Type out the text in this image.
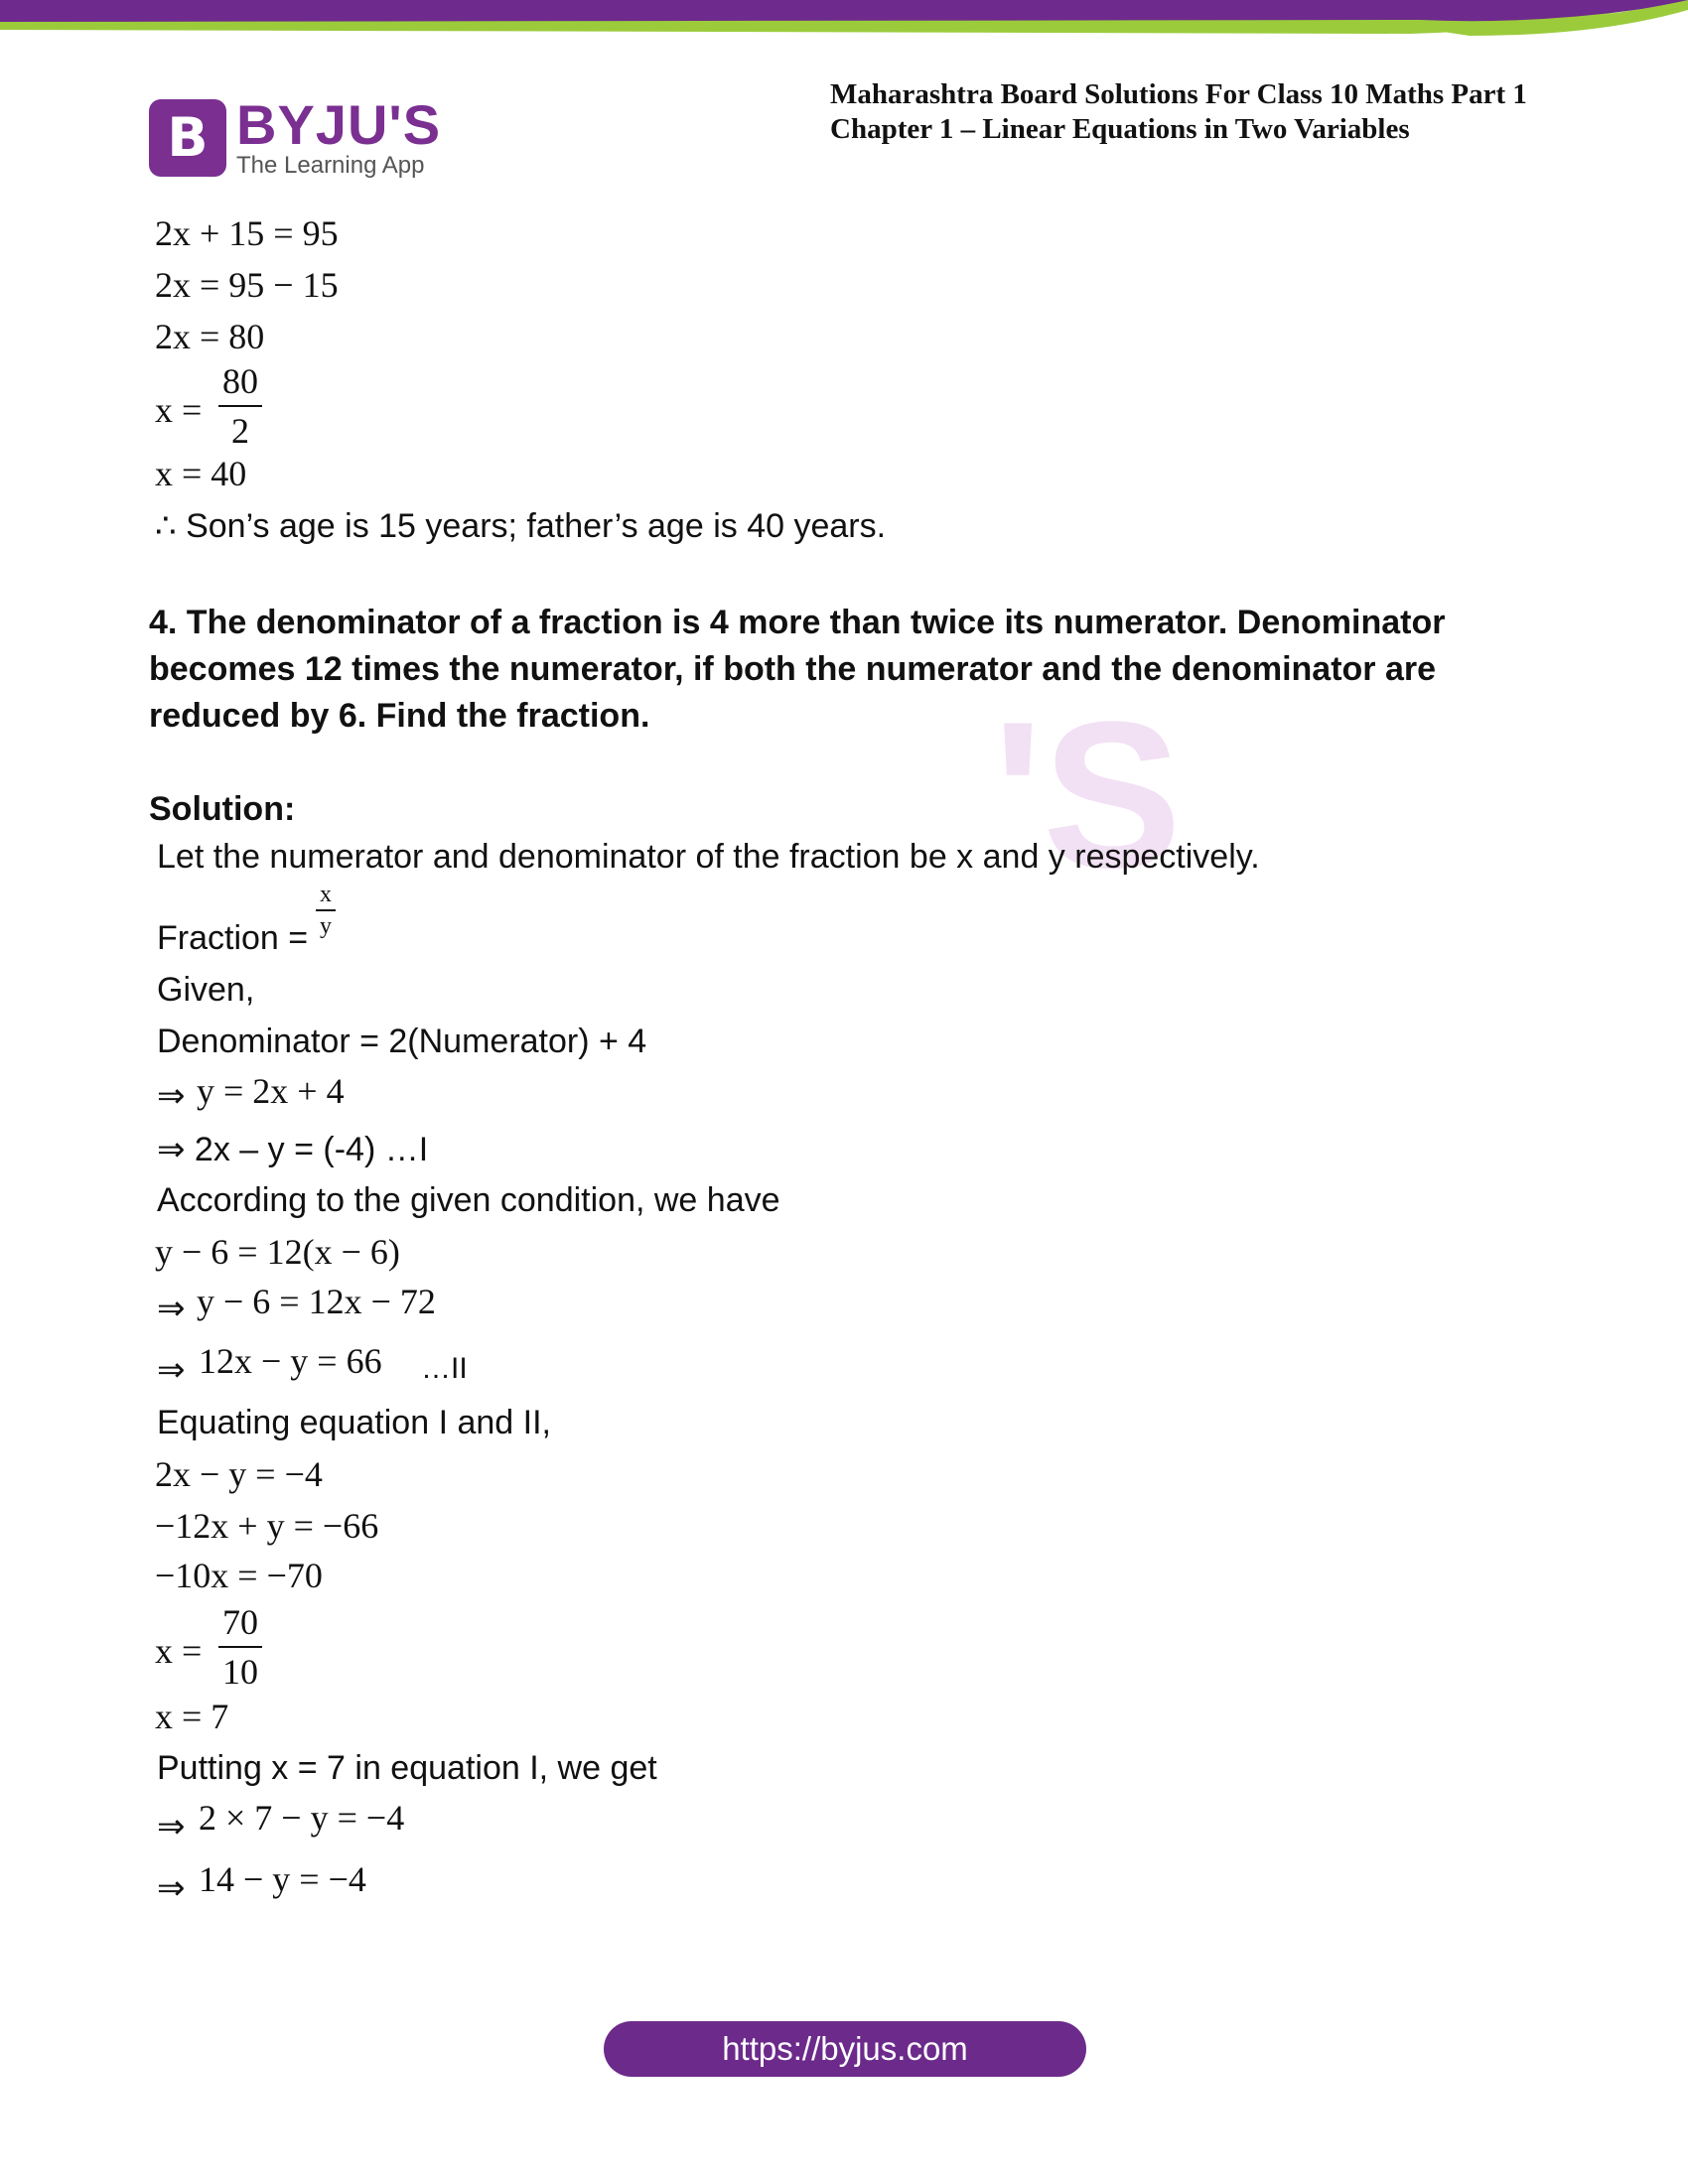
B BYJU'S
The Learning App
Maharashtra Board Solutions For Class 10 Maths Part 1
Chapter 1 – Linear Equations in Two Variables
'S
2x + 15 = 95
2x = 95 − 15
2x = 80
$x = \frac{80}{2}$
x = 40
∴ Son’s age is 15 years; father’s age is 40 years.
4. The denominator of a fraction is 4 more than twice its numerator. Denominator becomes 12 times the numerator, if both the numerator and the denominator are reduced by 6. Find the fraction.
Solution:
Let the numerator and denominator of the fraction be x and y respectively.
Fraction = $\frac{x}{y}$
Given,
Denominator = 2(Numerator) + 4
⇒ y = 2x + 4
⇒ 2x – y = (-4) …I
According to the given condition, we have
y − 6 = 12(x − 6)
⇒ y − 6 = 12x − 72
⇒ 12x − y = 66 …II
Equating equation I and II,
2x − y = −4
−12x + y = −66
−10x = −70
$x = \frac{70}{10}$
x = 7
Putting x = 7 in equation I, we get
⇒ 2 × 7 − y = −4
⇒ 14 − y = −4
https://byjus.com
